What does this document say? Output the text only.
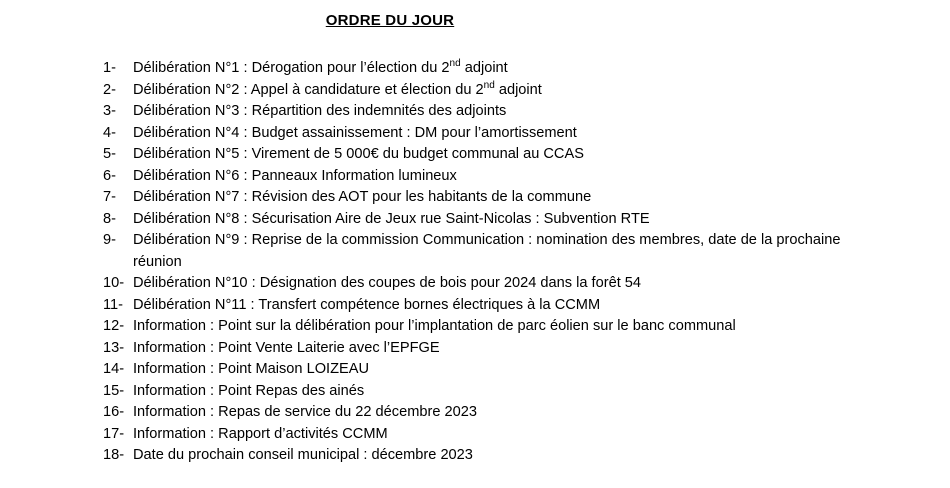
ORDRE DU JOUR
1-	Délibération N°1 : Dérogation pour l’élection du 2nd adjoint
2-	Délibération N°2 : Appel à candidature et élection du 2nd adjoint
3-	Délibération N°3 : Répartition des indemnités des adjoints
4-	Délibération N°4 : Budget assainissement : DM pour l’amortissement
5-	Délibération N°5 : Virement de 5 000€ du budget communal au CCAS
6-	Délibération N°6 : Panneaux Information lumineux
7-	Délibération N°7 : Révision des AOT pour les habitants de la commune
8-	Délibération N°8 : Sécurisation Aire de Jeux rue Saint-Nicolas : Subvention RTE
9-	Délibération N°9 : Reprise de la commission Communication : nomination des membres, date de la prochaine réunion
10- Délibération N°10 : Désignation des coupes de bois pour 2024 dans la forêt 54
11- Délibération N°11 : Transfert compétence bornes électriques à la CCMM
12- Information : Point sur la délibération pour l’implantation de parc éolien sur le banc communal
13- Information : Point Vente Laiterie avec l’EPFGE
14- Information : Point Maison LOIZEAU
15- Information : Point Repas des ainés
16- Information : Repas de service du 22 décembre 2023
17- Information : Rapport d’activités CCMM
18- Date du prochain conseil municipal : décembre 2023
